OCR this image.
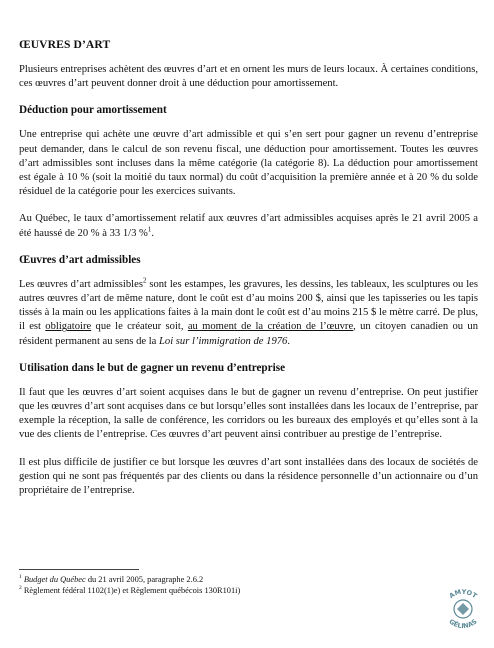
ŒUVRES D’ART

Plusieurs entreprises achètent des œuvres d’art et en ornent les murs de leurs locaux. À certaines conditions, ces œuvres d’art peuvent donner droit à une déduction pour amortissement.

Déduction pour amortissement

Une entreprise qui achète une œuvre d’art admissible et qui s’en sert pour gagner un revenu d’entreprise peut demander, dans le calcul de son revenu fiscal, une déduction pour amortissement. Toutes les œuvres d’art admissibles sont incluses dans la même catégorie (la catégorie 8). La déduction pour amortissement est égale à 10 % (soit la moitié du taux normal) du coût d’acquisition la première année et à 20 % du solde résiduel de la catégorie pour les exercices suivants.

Au Québec, le taux d’amortissement relatif aux œuvres d’art admissibles acquises après le 21 avril 2005 a été haussé de 20 % à 33 1/3 %$^1$.

Œuvres d’art admissibles

Les œuvres d’art admissibles$^2$ sont les estampes, les gravures, les dessins, les tableaux, les sculptures ou les autres œuvres d’art de même nature, dont le coût est d’au moins 200 $, ainsi que les tapisseries ou les tapis tissés à la main ou les applications faites à la main dont le coût est d’au moins 215 $ le mètre carré. De plus, il est obligatoire que le créateur soit, au moment de la création de l’œuvre, un citoyen canadien ou un résident permanent au sens de la Loi sur l’immigration de 1976.

Utilisation dans le but de gagner un revenu d’entreprise

Il faut que les œuvres d’art soient acquises dans le but de gagner un revenu d’entreprise. On peut justifier que les œuvres d’art sont acquises dans ce but lorsqu’elles sont installées dans les locaux de l’entreprise, par exemple la réception, la salle de conférence, les corridors ou les bureaux des employés et qu’elles sont à la vue des clients de l’entreprise. Ces œuvres d’art peuvent ainsi contribuer au prestige de l’entreprise.

Il est plus difficile de justifier ce but lorsque les œuvres d’art sont installées dans des locaux de sociétés de gestion qui ne sont pas fréquentés par des clients ou dans la résidence personnelle d’un actionnaire ou d’un propriétaire de l’entreprise.

$^1$ Budget du Québec du 21 avril 2005, paragraphe 2.6.2
$^2$ Règlement fédéral 1102(1)e) et Règlement québécois 130R101i)
AMYOT
GÉLINAS
